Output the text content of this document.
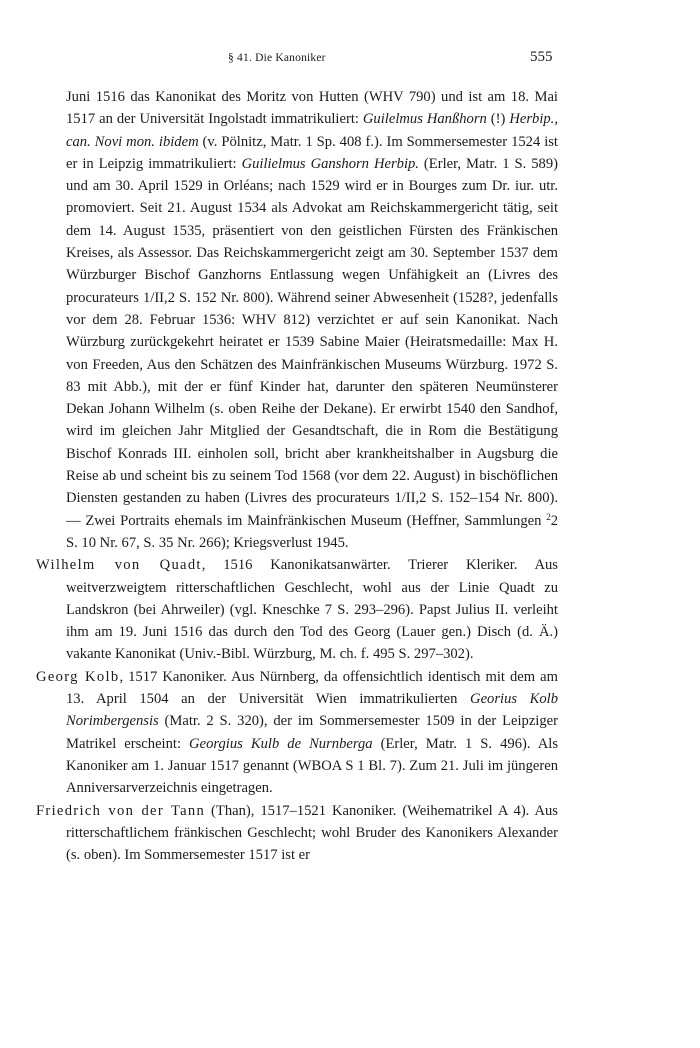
§ 41. Die Kanoniker	555

Juni 1516 das Kanonikat des Moritz von Hutten (WHV 790) und ist am 18. Mai 1517 an der Universität Ingolstadt immatrikuliert: Guilelmus Hanßhorn (!) Herbip., can. Novi mon. ibidem (v. Pölnitz, Matr. 1 Sp. 408 f.). Im Sommersemester 1524 ist er in Leipzig immatrikuliert: Guilielmus Ganshorn Herbip. (Erler, Matr. 1 S. 589) und am 30. April 1529 in Orléans; nach 1529 wird er in Bourges zum Dr. iur. utr. promoviert. Seit 21. August 1534 als Advokat am Reichskammergericht tätig, seit dem 14. August 1535, präsentiert von den geistlichen Fürsten des Fränkischen Kreises, als Assessor. Das Reichskammergericht zeigt am 30. September 1537 dem Würzburger Bischof Ganzhorns Entlassung wegen Unfähigkeit an (Livres des procurateurs 1/II,2 S. 152 Nr. 800). Während seiner Abwesenheit (1528?, jedenfalls vor dem 28. Februar 1536: WHV 812) verzichtet er auf sein Kanonikat. Nach Würzburg zurückgekehrt heiratet er 1539 Sabine Maier (Heiratsmedaille: Max H. von Freeden, Aus den Schätzen des Mainfränkischen Museums Würzburg. 1972 S. 83 mit Abb.), mit der er fünf Kinder hat, darunter den späteren Neumünsterer Dekan Johann Wilhelm (s. oben Reihe der Dekane). Er erwirbt 1540 den Sandhof, wird im gleichen Jahr Mitglied der Gesandtschaft, die in Rom die Bestätigung Bischof Konrads III. einholen soll, bricht aber krankheitshalber in Augsburg die Reise ab und scheint bis zu seinem Tod 1568 (vor dem 22. August) in bischöflichen Diensten gestanden zu haben (Livres des procurateurs 1/II,2 S. 152–154 Nr. 800). — Zwei Portraits ehemals im Mainfränkischen Museum (Heffner, Sammlungen $^2$2 S. 10 Nr. 67, S. 35 Nr. 266); Kriegsverlust 1945.

Wilhelm von Quadt, 1516 Kanonikatsanwärter. Trierer Kleriker. Aus weitverzweigtem ritterschaftlichen Geschlecht, wohl aus der Linie Quadt zu Landskron (bei Ahrweiler) (vgl. Kneschke 7 S. 293–296). Papst Julius II. verleiht ihm am 19. Juni 1516 das durch den Tod des Georg (Lauer gen.) Disch (d. Ä.) vakante Kanonikat (Univ.-Bibl. Würzburg, M. ch. f. 495 S. 297–302).

Georg Kolb, 1517 Kanoniker. Aus Nürnberg, da offensichtlich identisch mit dem am 13. April 1504 an der Universität Wien immatrikulierten Georius Kolb Norimbergensis (Matr. 2 S. 320), der im Sommersemester 1509 in der Leipziger Matrikel erscheint: Georgius Kulb de Nurnberga (Erler, Matr. 1 S. 496). Als Kanoniker am 1. Januar 1517 genannt (WBOA S 1 Bl. 7). Zum 21. Juli im jüngeren Anniversarverzeichnis eingetragen.

Friedrich von der Tann (Than), 1517–1521 Kanoniker. (Weihematrikel A 4). Aus ritterschaftlichem fränkischen Geschlecht; wohl Bruder des Kanonikers Alexander (s. oben). Im Sommersemester 1517 ist er
